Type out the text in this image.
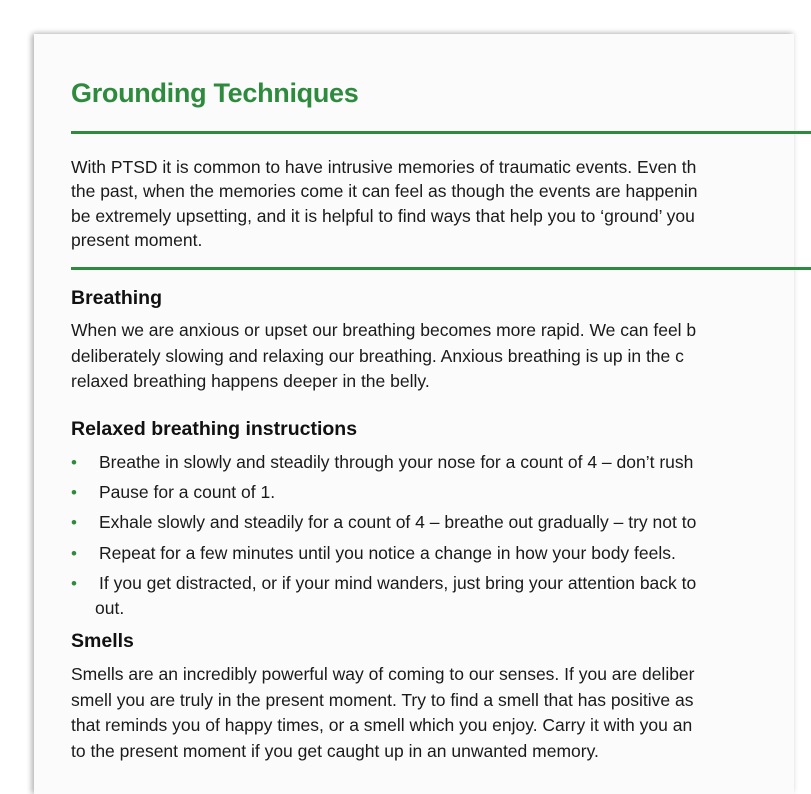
Grounding Techniques

With PTSD it is common to have intrusive memories of traumatic events. Even th
the past, when the memories come it can feel as though the events are happenin
be extremely upsetting, and it is helpful to find ways that help you to ‘ground’ you
present moment.

Breathing

When we are anxious or upset our breathing becomes more rapid. We can feel b
deliberately slowing and relaxing our breathing. Anxious breathing is up in the c
relaxed breathing happens deeper in the belly.

Relaxed breathing instructions
• Breathe in slowly and steadily through your nose for a count of 4 – don’t rush
• Pause for a count of 1.
• Exhale slowly and steadily for a count of 4 – breathe out gradually – try not to
• Repeat for a few minutes until you notice a change in how your body feels.
• If you get distracted, or if your mind wanders, just bring your attention back to
out.
Smells

Smells are an incredibly powerful way of coming to our senses. If you are deliber
smell you are truly in the present moment. Try to find a smell that has positive as
that reminds you of happy times, or a smell which you enjoy. Carry it with you an
to the present moment if you get caught up in an unwanted memory.
